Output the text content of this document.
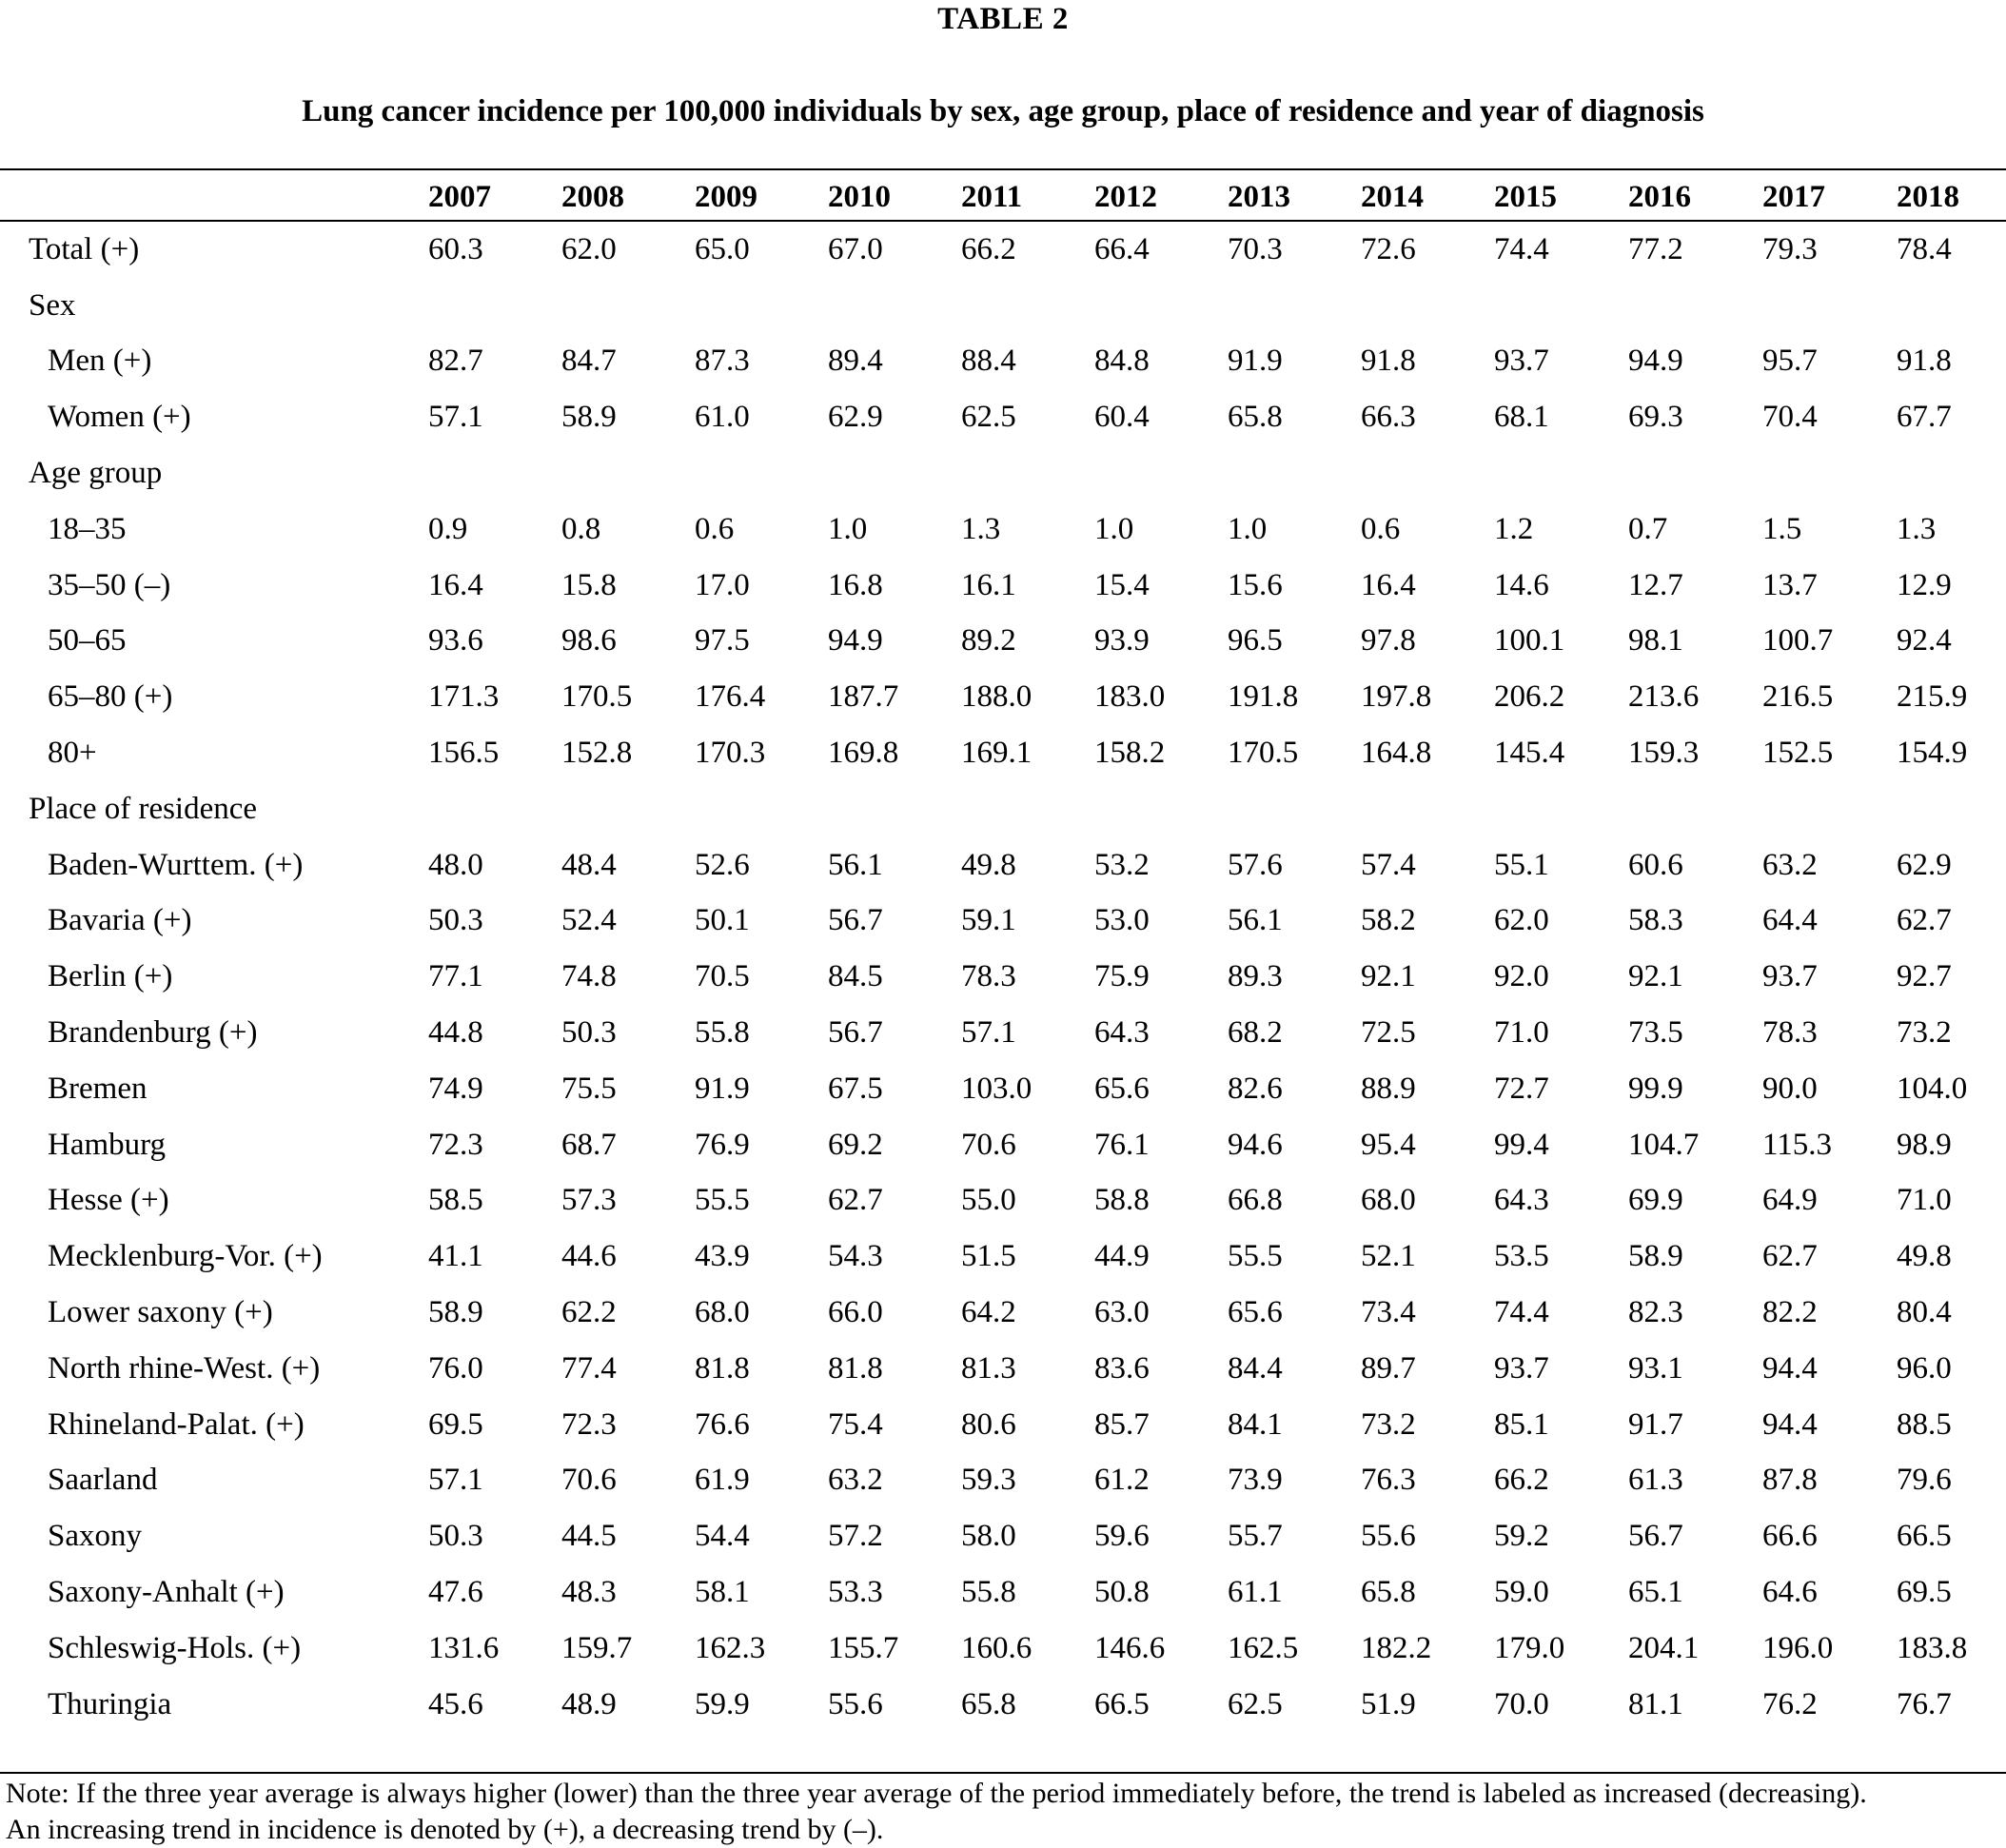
TABLE 2
Lung cancer incidence per 100,000 individuals by sex, age group, place of residence and year of diagnosis
	2007	2008	2009	2010	2011	2012	2013	2014	2015	2016	2017	2018
Total (+)	60.3	62.0	65.0	67.0	66.2	66.4	70.3	72.6	74.4	77.2	79.3	78.4
Sex												
Men (+)	82.7	84.7	87.3	89.4	88.4	84.8	91.9	91.8	93.7	94.9	95.7	91.8
Women (+)	57.1	58.9	61.0	62.9	62.5	60.4	65.8	66.3	68.1	69.3	70.4	67.7
Age group												
18–35	0.9	0.8	0.6	1.0	1.3	1.0	1.0	0.6	1.2	0.7	1.5	1.3
35–50 (–)	16.4	15.8	17.0	16.8	16.1	15.4	15.6	16.4	14.6	12.7	13.7	12.9
50–65	93.6	98.6	97.5	94.9	89.2	93.9	96.5	97.8	100.1	98.1	100.7	92.4
65–80 (+)	171.3	170.5	176.4	187.7	188.0	183.0	191.8	197.8	206.2	213.6	216.5	215.9
80+	156.5	152.8	170.3	169.8	169.1	158.2	170.5	164.8	145.4	159.3	152.5	154.9
Place of residence												
Baden-Wurttem. (+)	48.0	48.4	52.6	56.1	49.8	53.2	57.6	57.4	55.1	60.6	63.2	62.9
Bavaria (+)	50.3	52.4	50.1	56.7	59.1	53.0	56.1	58.2	62.0	58.3	64.4	62.7
Berlin (+)	77.1	74.8	70.5	84.5	78.3	75.9	89.3	92.1	92.0	92.1	93.7	92.7
Brandenburg (+)	44.8	50.3	55.8	56.7	57.1	64.3	68.2	72.5	71.0	73.5	78.3	73.2
Bremen	74.9	75.5	91.9	67.5	103.0	65.6	82.6	88.9	72.7	99.9	90.0	104.0
Hamburg	72.3	68.7	76.9	69.2	70.6	76.1	94.6	95.4	99.4	104.7	115.3	98.9
Hesse (+)	58.5	57.3	55.5	62.7	55.0	58.8	66.8	68.0	64.3	69.9	64.9	71.0
Mecklenburg-Vor. (+)	41.1	44.6	43.9	54.3	51.5	44.9	55.5	52.1	53.5	58.9	62.7	49.8
Lower saxony (+)	58.9	62.2	68.0	66.0	64.2	63.0	65.6	73.4	74.4	82.3	82.2	80.4
North rhine-West. (+)	76.0	77.4	81.8	81.8	81.3	83.6	84.4	89.7	93.7	93.1	94.4	96.0
Rhineland-Palat. (+)	69.5	72.3	76.6	75.4	80.6	85.7	84.1	73.2	85.1	91.7	94.4	88.5
Saarland	57.1	70.6	61.9	63.2	59.3	61.2	73.9	76.3	66.2	61.3	87.8	79.6
Saxony	50.3	44.5	54.4	57.2	58.0	59.6	55.7	55.6	59.2	56.7	66.6	66.5
Saxony-Anhalt (+)	47.6	48.3	58.1	53.3	55.8	50.8	61.1	65.8	59.0	65.1	64.6	69.5
Schleswig-Hols. (+)	131.6	159.7	162.3	155.7	160.6	146.6	162.5	182.2	179.0	204.1	196.0	183.8
Thuringia	45.6	48.9	59.9	55.6	65.8	66.5	62.5	51.9	70.0	81.1	76.2	76.7
Note: If the three year average is always higher (lower) than the three year average of the period immediately before, the trend is labeled as increased (decreasing).
An increasing trend in incidence is denoted by (+), a decreasing trend by (–).
